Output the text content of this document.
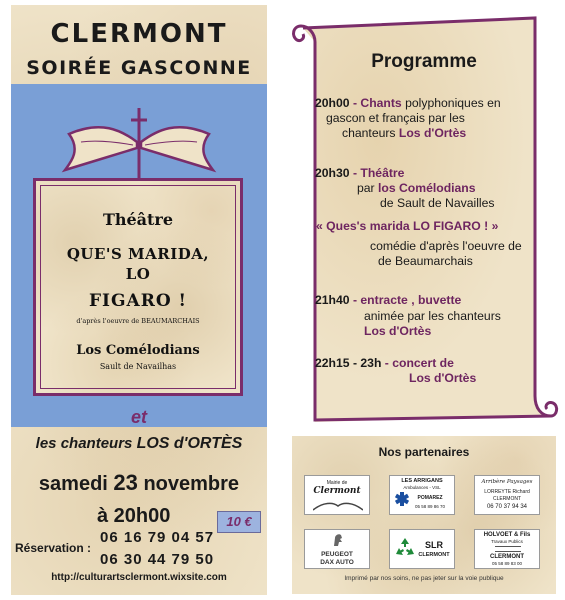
CLERMONT
SOIRÉE GASCONNE
Théâtre
QUE'S MARIDA,
LO
FIGARO !
d'après l'oeuvre de BEAUMARCHAIS
Los Comélodians
Sault de Navailhas
et
les chanteurs LOS d'ORTÈS
samedi 23 novembre
à 20h00	10 €
Réservation :
06 16 79 04 57
06 30 44 79 50
http://culturartsclermont.wixsite.com
Programme
20h00 - Chants polyphoniques en
gascon et français par les
chanteurs Los d'Ortès
20h30 - Théâtre
par los Comélodians
de Sault de Navailles
« Ques's marida LO FIGARO ! »
comédie d'après l'oeuvre de
de Beaumarchais
21h40 - entracte , buvette
animée par les chanteurs
Los d'Ortès
22h15 - 23h - concert de
Los d'Ortès
Nos partenaires
Mairie de
Clermont
LES ARRIGANS
Ambulances - VSL
POMAREZ
05 58 89 86 70
Arribère Paysages
LORREYTE Richard
CLERMONT
06 70 37 94 34
PEUGEOT
DAX AUTO
SLR
CLERMONT
HOLVOET & Fils
Travaux Publics
CLERMONT
05 58 89 83 00
Imprimé par nos soins, ne pas jeter sur la voie publique
